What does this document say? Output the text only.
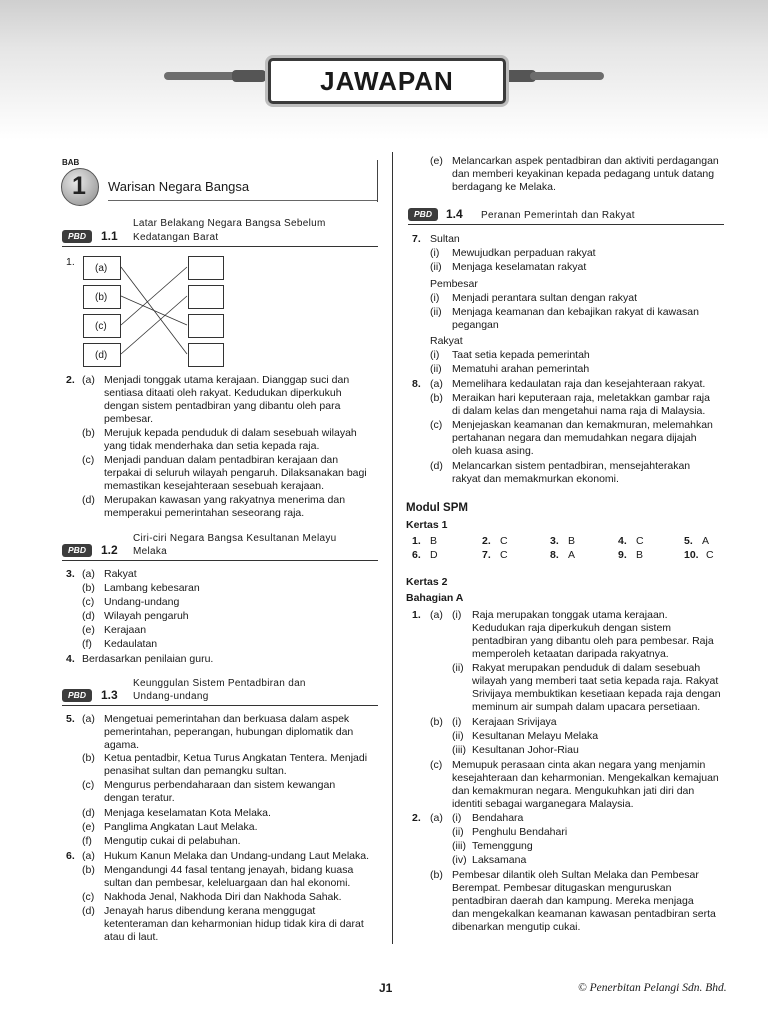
JAWAPAN
BAB
1 Warisan Negara Bangsa
Latar Belakang Negara Bangsa Sebelum
PBD	1.1 Kedatangan Barat
1.
(a)
(b)
(c)
(d)
Ciri-ciri Negara Bangsa Kesultanan Melayu
PBD	1.2 Melaka
Keunggulan Sistem Pentadbiran dan
PBD	1.3 Undang-undang
PBD	1.4 Peranan Pemerintah dan Rakyat
2. (a) Menjadi tonggak utama kerajaan. Dianggap suci dan
sentiasa ditaati oleh rakyat. Kedudukan diperkukuh
dengan sistem pentadbiran yang dibantu oleh para
pembesar.
(b) Merujuk kepada penduduk di dalam sesebuah wilayah
yang tidak menderhaka dan setia kepada raja.
(c) Menjadi panduan dalam pentadbiran kerajaan dan
terpakai di seluruh wilayah pengaruh. Dilaksanakan bagi
memastikan kesejahteraan sesebuah kerajaan.
(d) Merupakan kawasan yang rakyatnya menerima dan
memperakui pemerintahan seseorang raja.
3. (a) Rakyat
(b) Lambang kebesaran
(c) Undang-undang
(d) Wilayah pengaruh
(e) Kerajaan
(f) Kedaulatan
4. Berdasarkan penilaian guru.
5. (a) Mengetuai pemerintahan dan berkuasa dalam aspek
pemerintahan, peperangan, hubungan diplomatik dan
agama.
(b) Ketua pentadbir, Ketua Turus Angkatan Tentera. Menjadi
penasihat sultan dan pemangku sultan.
(c) Mengurus perbendaharaan dan sistem kewangan
dengan teratur.
(d) Menjaga keselamatan Kota Melaka.
(e) Panglima Angkatan Laut Melaka.
(f) Mengutip cukai di pelabuhan.
6. (a) Hukum Kanun Melaka dan Undang-undang Laut Melaka.
(b) Mengandungi 44 fasal tentang jenayah, bidang kuasa
sultan dan pembesar, keleluargaan dan hal ekonomi.
(c) Nakhoda Jenal, Nakhoda Diri dan Nakhoda Sahak.
(d) Jenayah harus dibendung kerana menggugat
ketenteraman dan keharmonian hidup tidak kira di darat
atau di laut.
(e) Melancarkan aspek pentadbiran dan aktiviti perdagangan
dan memberi keyakinan kepada pedagang untuk datang
berdagang ke Melaka.
7. Sultan
(i) Mewujudkan perpaduan rakyat
(ii) Menjaga keselamatan rakyat
Pembesar
(i) Menjadi perantara sultan dengan rakyat
(ii) Menjaga keamanan dan kebajikan rakyat di kawasan
pegangan
Rakyat
(i) Taat setia kepada pemerintah
(ii) Mematuhi arahan pemerintah
8. (a) Memelihara kedaulatan raja dan kesejahteraan rakyat.
(b) Meraikan hari keputeraan raja, meletakkan gambar raja
di dalam kelas dan mengetahui nama raja di Malaysia.
(c) Menjejaskan keamanan dan kemakmuran, melemahkan
pertahanan negara dan memudahkan negara dijajah
oleh kuasa asing.
(d) Melancarkan sistem pentadbiran, mensejahterakan
rakyat dan memakmurkan ekonomi.
1. (a) (i) Raja merupakan tonggak utama kerajaan.
Kedudukan raja diperkukuh dengan sistem
pentadbiran yang dibantu oleh para pembesar. Raja
memperoleh ketaatan daripada rakyatnya.
(ii) Rakyat merupakan penduduk di dalam sesebuah
wilayah yang memberi taat setia kepada raja. Rakyat
Srivijaya membuktikan kesetiaan kepada raja dengan
meminum air sumpah dalam upacara persetiaan.
(b) (i) Kerajaan Srivijaya
(ii) Kesultanan Melayu Melaka
(iii) Kesultanan Johor-Riau
(c) Memupuk perasaan cinta akan negara yang menjamin
kesejahteraan dan keharmonian. Mengekalkan kemajuan
dan kemakmuran negara. Mengukuhkan jati diri dan
identiti sebagai warganegara Malaysia.
2. (a) (i) Bendahara
(ii) Penghulu Bendahari
(iii) Temenggung
(iv) Laksamana
(b) Pembesar dilantik oleh Sultan Melaka dan Pembesar
Berempat. Pembesar ditugaskan menguruskan
pentadbiran daerah dan kampung. Mereka menjaga
dan mengekalkan keamanan kawasan pentadbiran serta
dibenarkan mengutip cukai.
Modul SPM
Kertas 1
1. B	2. C	3. B	4. C	5. A
6. D	7. C	8. A	9. B	10. C
Kertas 2
Bahagian A
J1	© Penerbitan Pelangi Sdn. Bhd.
